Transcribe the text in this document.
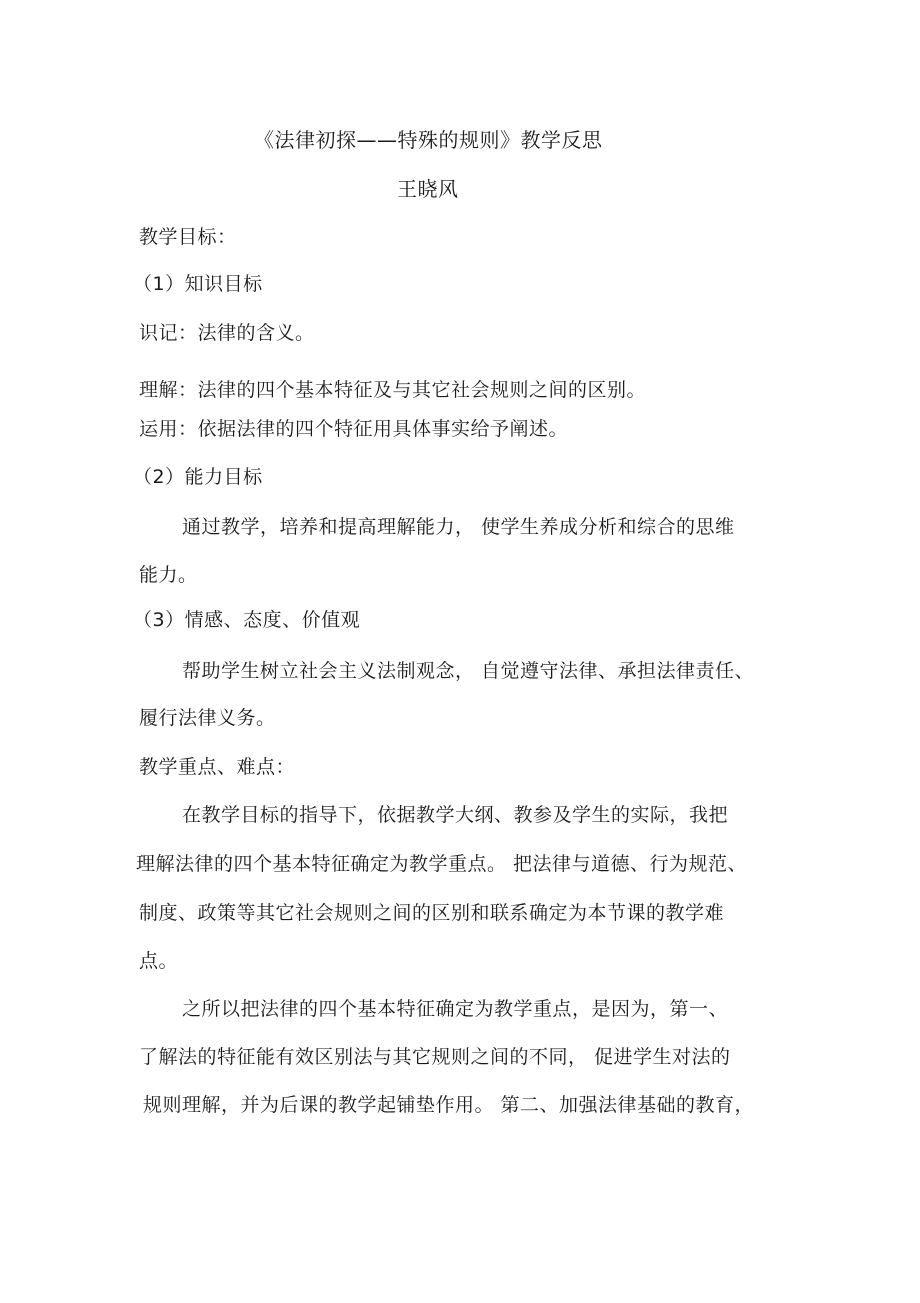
《法律初探——特殊的规则》教学反思
王晓风
教学目标：
（1）知识目标
识记：法律的含义。
理解：法律的四个基本特征及与其它社会规则之间的区别。
运用：依据法律的四个特征用具体事实给予阐述。
（2）能力目标
通过教学，培养和提高理解能力， 使学生养成分析和综合的思维
能力。
（3）情感、态度、价值观
帮助学生树立社会主义法制观念， 自觉遵守法律、承担法律责任、
履行法律义务。
教学重点、难点：
在教学目标的指导下，依据教学大纲、教参及学生的实际，我把
理解法律的四个基本特征确定为教学重点。 把法律与道德、行为规范、
制度、政策等其它社会规则之间的区别和联系确定为本节课的教学难
点。
之所以把法律的四个基本特征确定为教学重点，是因为，第一、
了解法的特征能有效区别法与其它规则之间的不同， 促进学生对法的
规则理解，并为后课的教学起铺垫作用。 第二、加强法律基础的教育，
